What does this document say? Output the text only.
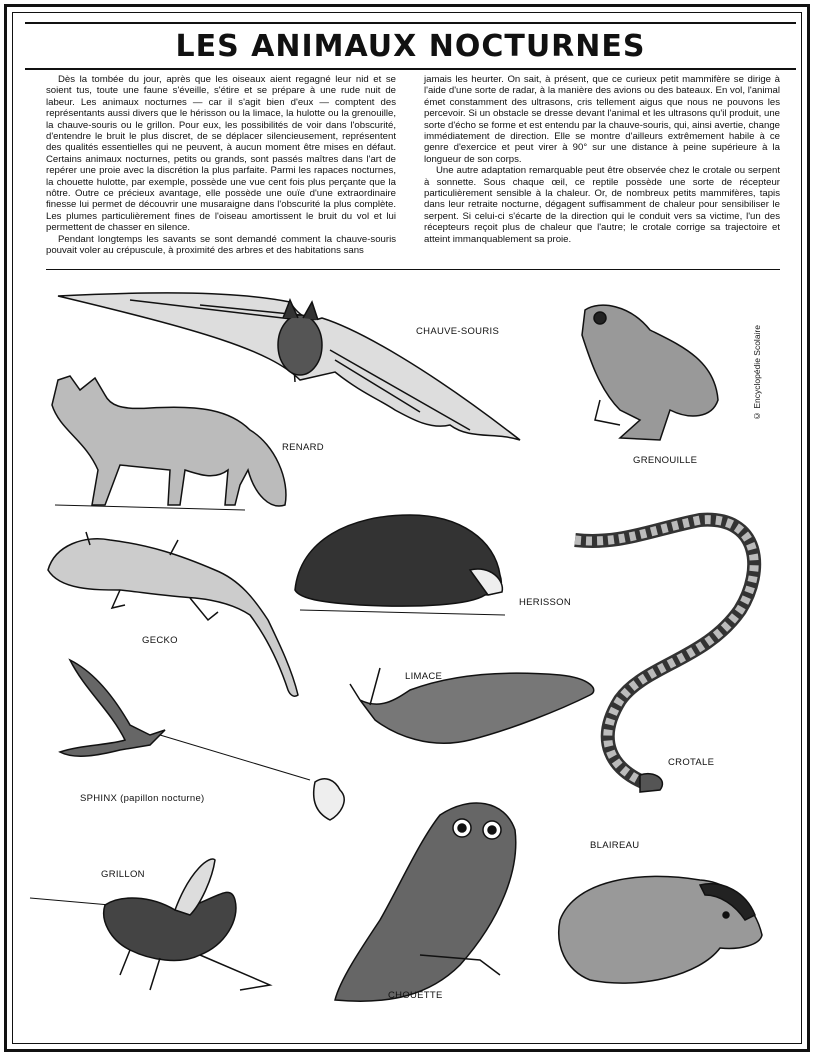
LES ANIMAUX NOCTURNES

Dès la tombée du jour, après que les oiseaux aient regagné leur nid et se soient tus, toute une faune s'éveille, s'étire et se prépare à une rude nuit de labeur. Les animaux nocturnes — car il s'agit bien d'eux — comptent des représentants aussi divers que le hérisson ou la limace, la hulotte ou la grenouille, la chauve-souris ou le grillon. Pour eux, les possibilités de voir dans l'obscurité, d'entendre le bruit le plus discret, de se déplacer silencieusement, représentent des qualités essentielles qui ne peuvent, à aucun moment être mises en défaut. Certains animaux nocturnes, petits ou grands, sont passés maîtres dans l'art de repérer une proie avec la discrétion la plus parfaite. Parmi les rapaces nocturnes, la chouette hulotte, par exemple, possède une vue cent fois plus perçante que la nôtre. Outre ce précieux avantage, elle possède une ouïe d'une extraordinaire finesse lui permet de découvrir une musaraigne dans l'obscurité la plus complète. Les plumes particulièrement fines de l'oiseau amortissent le bruit du vol et lui permettent de chasser en silence.

Pendant longtemps les savants se sont demandé comment la chauve-souris pouvait voler au crépuscule, à proximité des arbres et des habitations sans

jamais les heurter. On sait, à présent, que ce curieux petit mammifère se dirige à l'aide d'une sorte de radar, à la manière des avions ou des bateaux. En vol, l'animal émet constamment des ultrasons, cris tellement aigus que nous ne pouvons les percevoir. Si un obstacle se dresse devant l'animal et les ultrasons qu'il produit, une sorte d'écho se forme et est entendu par la chauve-souris, qui, ainsi avertie, change immédiatement de direction. Elle se montre d'ailleurs extrêmement habile à ce genre d'exercice et peut virer à 90° sur une distance à peine supérieure à la longueur de son corps.

Une autre adaptation remarquable peut être observée chez le crotale ou serpent à sonnette. Sous chaque œil, ce reptile possède une sorte de récepteur particulièrement sensible à la chaleur. Or, de nombreux petits mammifères, tapis dans leur retraite nocturne, dégagent suffisamment de chaleur pour sensibiliser le serpent. Si celui-ci s'écarte de la direction qui le conduit vers sa victime, l'un des récepteurs reçoit plus de chaleur que l'autre; le crotale corrige sa trajectoire et atteint immanquablement sa proie.

CHAUVE-SOURIS
RENARD
GRENOUILLE
HERISSON
GECKO
LIMACE
CROTALE
SPHINX (papillon nocturne)
BLAIREAU
GRILLON
CHOUETTE
© Encyclopédie Scolaire
